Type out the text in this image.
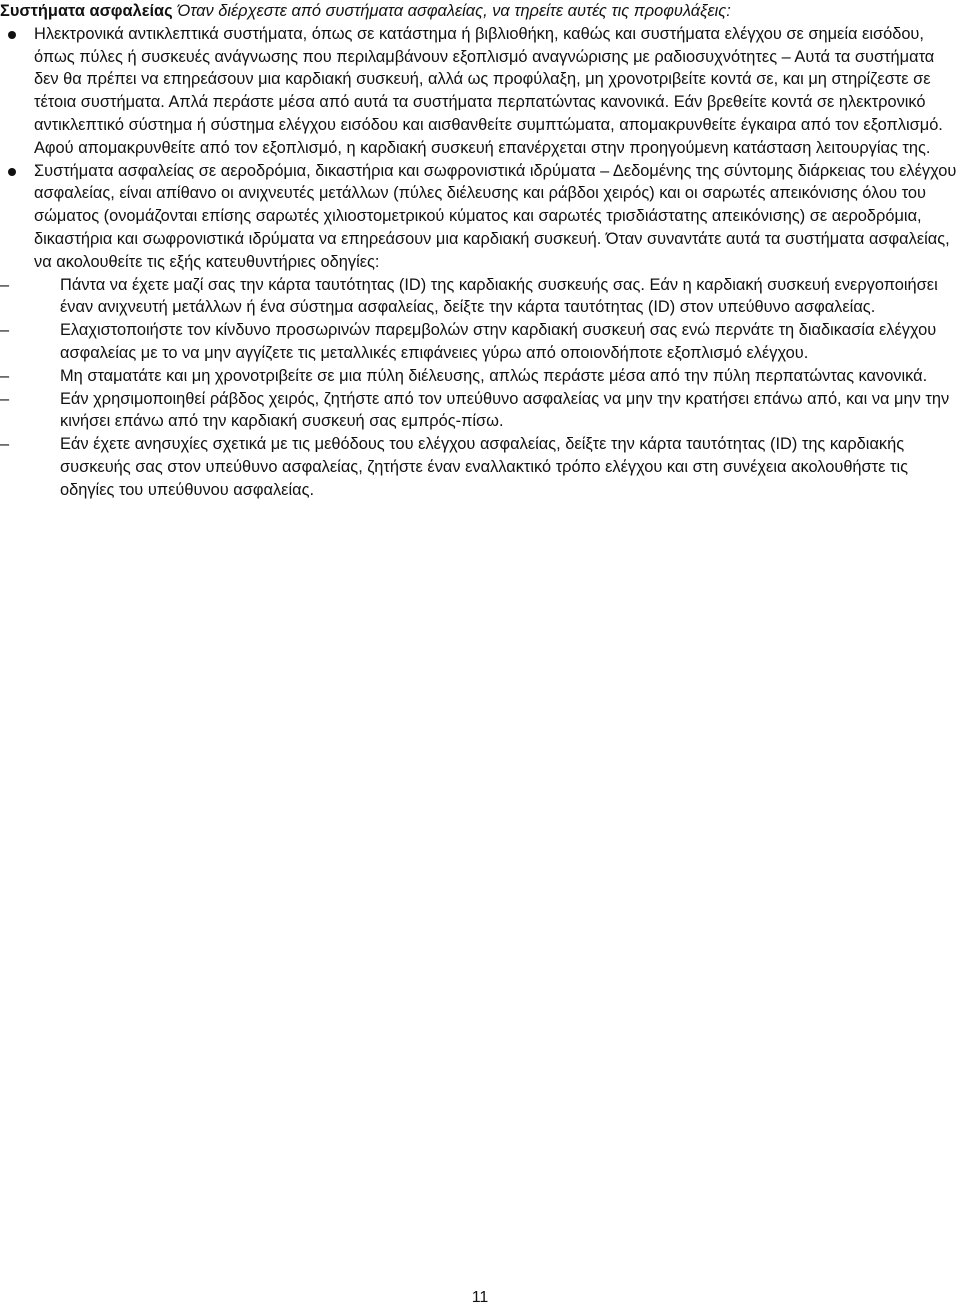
Συστήματα ασφαλείας Όταν διέρχεστε από συστήματα ασφαλείας, να τηρείτε αυτές τις προφυλάξεις:

Ηλεκτρονικά αντικλεπτικά συστήματα, όπως σε κατάστημα ή βιβλιοθήκη, καθώς και συστήματα ελέγχου σε σημεία εισόδου, όπως πύλες ή συσκευές ανάγνωσης που περιλαμβάνουν εξοπλισμό αναγνώρισης με ραδιοσυχνότητες – Αυτά τα συστήματα δεν θα πρέπει να επηρεάσουν μια καρδιακή συσκευή, αλλά ως προφύλαξη, μη χρονοτριβείτε κοντά σε, και μη στηρίζεστε σε τέτοια συστήματα. Απλά περάστε μέσα από αυτά τα συστήματα περπατώντας κανονικά. Εάν βρεθείτε κοντά σε ηλεκτρονικό αντικλεπτικό σύστημα ή σύστημα ελέγχου εισόδου και αισθανθείτε συμπτώματα, απομακρυνθείτε έγκαιρα από τον εξοπλισμό. Αφού απομακρυνθείτε από τον εξοπλισμό, η καρδιακή συσκευή επανέρχεται στην προηγούμενη κατάσταση λειτουργίας της.
Συστήματα ασφαλείας σε αεροδρόμια, δικαστήρια και σωφρονιστικά ιδρύματα – Δεδομένης της σύντομης διάρκειας του ελέγχου ασφαλείας, είναι απίθανο οι ανιχνευτές μετάλλων (πύλες διέλευσης και ράβδοι χειρός) και οι σαρωτές απεικόνισης όλου του σώματος (ονομάζονται επίσης σαρωτές χιλιοστομετρικού κύματος και σαρωτές τρισδιάστατης απεικόνισης) σε αεροδρόμια, δικαστήρια και σωφρονιστικά ιδρύματα να επηρεάσουν μια καρδιακή συσκευή. Όταν συναντάτε αυτά τα συστήματα ασφαλείας, να ακολουθείτε τις εξής κατευθυντήριες οδηγίες:
–	Πάντα να έχετε μαζί σας την κάρτα ταυτότητας (ID) της καρδιακής συσκευής σας. Εάν η καρδιακή συσκευή ενεργοποιήσει έναν ανιχνευτή μετάλλων ή ένα σύστημα ασφαλείας, δείξτε την κάρτα ταυτότητας (ID) στον υπεύθυνο ασφαλείας.
–	Ελαχιστοποιήστε τον κίνδυνο προσωρινών παρεμβολών στην καρδιακή συσκευή σας ενώ περνάτε τη διαδικασία ελέγχου ασφαλείας με το να μην αγγίζετε τις μεταλλικές επιφάνειες γύρω από οποιονδήποτε εξοπλισμό ελέγχου.
–	Μη σταματάτε και μη χρονοτριβείτε σε μια πύλη διέλευσης, απλώς περάστε μέσα από την πύλη περπατώντας κανονικά.
–	Εάν χρησιμοποιηθεί ράβδος χειρός, ζητήστε από τον υπεύθυνο ασφαλείας να μην την κρατήσει επάνω από, και να μην την κινήσει επάνω από την καρδιακή συσκευή σας εμπρός-πίσω.
–	Εάν έχετε ανησυχίες σχετικά με τις μεθόδους του ελέγχου ασφαλείας, δείξτε την κάρτα ταυτότητας (ID) της καρδιακής συσκευής σας στον υπεύθυνο ασφαλείας, ζητήστε έναν εναλλακτικό τρόπο ελέγχου και στη συνέχεια ακολουθήστε τις οδηγίες του υπεύθυνου ασφαλείας.
11
